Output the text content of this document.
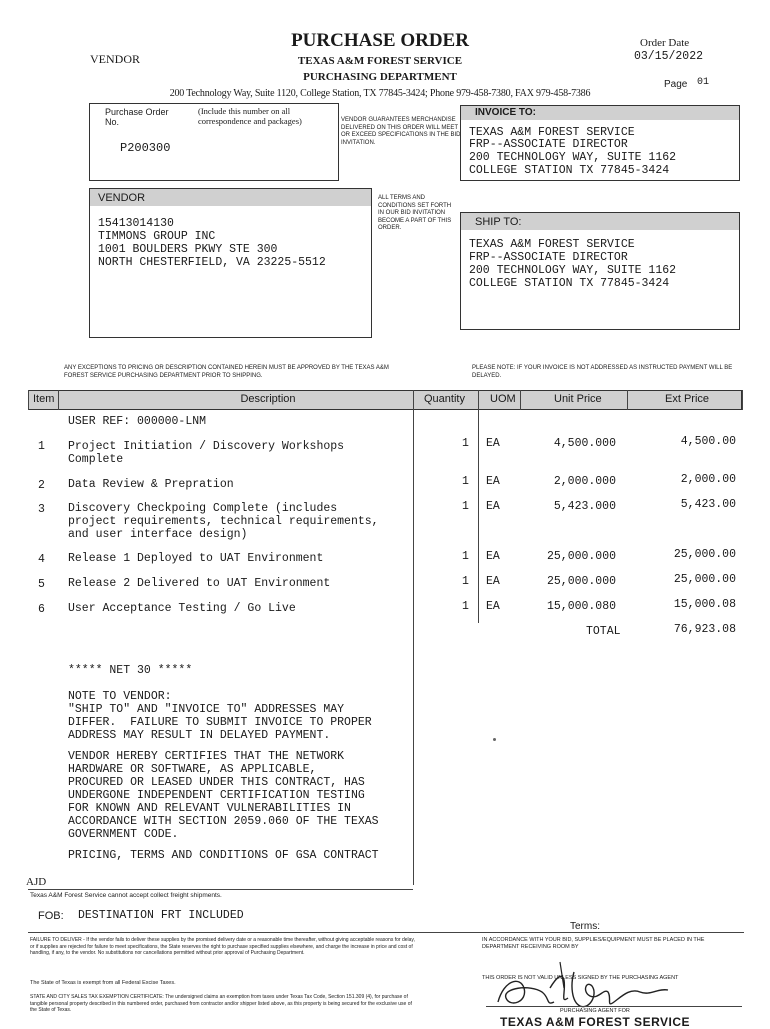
VENDOR
PURCHASE ORDER
TEXAS A&M FOREST SERVICE
PURCHASING DEPARTMENT
200 Technology Way, Suite 1120, College Station, TX 77845-3424; Phone 979-458-7380, FAX 979-458-7386
Order Date
03/15/2022
Page 01
Purchase Order No.
(Include this number on all correspondence and packages)
P200300
VENDOR GUARANTEES MERCHANDISE DELIVERED ON THIS ORDER WILL MEET OR EXCEED SPECIFICATIONS IN THE BID INVITATION.
INVOICE TO:
TEXAS A&M FOREST SERVICE
FRP--ASSOCIATE DIRECTOR
200 TECHNOLOGY WAY, SUITE 1162
COLLEGE STATION TX 77845-3424
VENDOR
15413014130
TIMMONS GROUP INC
1001 BOULDERS PKWY STE 300
NORTH CHESTERFIELD, VA 23225-5512
ALL TERMS AND CONDITIONS SET FORTH IN OUR BID INVITATION BECOME A PART OF THIS ORDER.	SHIP TO:
TEXAS A&M FOREST SERVICE
FRP--ASSOCIATE DIRECTOR
200 TECHNOLOGY WAY, SUITE 1162
COLLEGE STATION TX 77845-3424
ANY EXCEPTIONS TO PRICING OR DESCRIPTION CONTAINED HEREIN MUST BE APPROVED BY THE TEXAS A&M FOREST SERVICE PURCHASING DEPARTMENT PRIOR TO SHIPPING.
PLEASE NOTE: IF YOUR INVOICE IS NOT ADDRESSED AS INSTRUCTED PAYMENT WILL BE DELAYED.
Item	Description	Quantity UOM	Unit Price	Ext Price
USER REF: 000000-LNM
1 Project Initiation / Discovery Workshops
Complete
1 EA	4,500.000	4,500.00
2 Data Review & Prepration	1 EA	2,000.000	2,000.00
3 Discovery Checkpoing Complete (includes
project requirements, technical requirements,
and user interface design)
1 EA	5,423.000	5,423.00
4 Release 1 Deployed to UAT Environment	1 EA	25,000.000	25,000.00
5 Release 2 Delivered to UAT Environment	1 EA	25,000.000	25,000.00
6 User Acceptance Testing / Go Live	1 EA	15,000.080	15,000.08
TOTAL	76,923.08
***** NET 30 *****
NOTE TO VENDOR:
"SHIP TO" AND "INVOICE TO" ADDRESSES MAY
DIFFER.  FAILURE TO SUBMIT INVOICE TO PROPER
ADDRESS MAY RESULT IN DELAYED PAYMENT.
VENDOR HEREBY CERTIFIES THAT THE NETWORK
HARDWARE OR SOFTWARE, AS APPLICABLE,
PROCURED OR LEASED UNDER THIS CONTRACT, HAS
UNDERGONE INDEPENDENT CERTIFICATION TESTING
FOR KNOWN AND RELEVANT VULNERABILITIES IN
ACCORDANCE WITH SECTION 2059.060 OF THE TEXAS
GOVERNMENT CODE.
PRICING, TERMS AND CONDITIONS OF GSA CONTRACT
AJD
Texas A&M Forest Service cannot accept collect freight shipments.
FOB: DESTINATION FRT INCLUDED
Terms:
FAILURE TO DELIVER - If the vendor fails to deliver these supplies by the promised delivery date or a reasonable time thereafter, without giving acceptable reasons for delay, or if supplies are rejected for failure to meet specifications, the State reserves the right to purchase specified supplies elsewhere, and charge the increase in price and cost of handling, if any, to the vendor. No substitutions nor cancellations permitted without prior approval of Purchasing Department.
IN ACCORDANCE WITH YOUR BID, SUPPLIES/EQUIPMENT MUST BE PLACED IN THE DEPARTMENT RECEIVING ROOM BY
The State of Texas is exempt from all Federal Excise Taxes.
STATE AND CITY SALES TAX EXEMPTION CERTIFICATE: The undersigned claims an exemption from taxes under Texas Tax Code, Section 151.309 (4), for purchase of tangible personal property described in this numbered order, purchased from contractor and/or shipper listed above, as this property is being secured for the exclusive use of the State of Texas.
THIS ORDER IS NOT VALID UNLESS SIGNED BY THE PURCHASING AGENT
PURCHASING AGENT FOR
TEXAS A&M FOREST SERVICE
